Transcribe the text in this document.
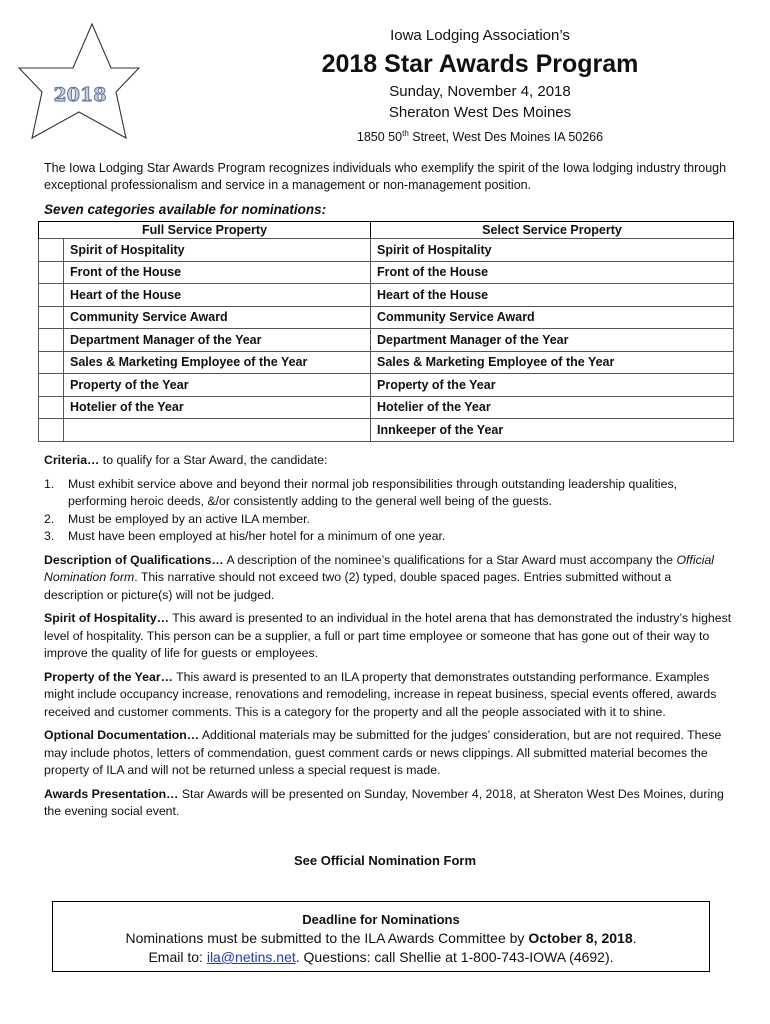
2018
Iowa Lodging Association’s
2018 Star Awards Program
Sunday, November 4, 2018
Sheraton West Des Moines
1850 50th Street, West Des Moines IA 50266
The Iowa Lodging Star Awards Program recognizes individuals who exemplify the spirit of the Iowa lodging industry through exceptional professionalism and service in a management or non-management position.
Seven categories available for nominations:
Full Service Property		Select Service Property
	Spirit of Hospitality	Spirit of Hospitality
	Front of the House	Front of the House
	Heart of the House	Heart of the House
	Community Service Award	Community Service Award
	Department Manager of the Year	Department Manager of the Year
	Sales & Marketing Employee of the Year	Sales & Marketing Employee of the Year
	Property of the Year	Property of the Year
	Hotelier of the Year	Hotelier of the Year
		Innkeeper of the Year

Criteria… to qualify for a Star Award, the candidate:

1. Must exhibit service above and beyond their normal job responsibilities through outstanding leadership qualities, performing heroic deeds, &/or consistently adding to the general well being of the guests.
2. Must be employed by an active ILA member.
3. Must have been employed at his/her hotel for a minimum of one year.

Description of Qualifications… A description of the nominee’s qualifications for a Star Award must accompany the Official Nomination form. This narrative should not exceed two (2) typed, double spaced pages. Entries submitted without a description or picture(s) will not be judged.

Spirit of Hospitality… This award is presented to an individual in the hotel arena that has demonstrated the industry’s highest level of hospitality. This person can be a supplier, a full or part time employee or someone that has gone out of their way to improve the quality of life for guests or employees.

Property of the Year… This award is presented to an ILA property that demonstrates outstanding performance. Examples might include occupancy increase, renovations and remodeling, increase in repeat business, special events offered, awards received and customer comments. This is a category for the property and all the people associated with it to shine.

Optional Documentation… Additional materials may be submitted for the judges’ consideration, but are not required. These may include photos, letters of commendation, guest comment cards or news clippings. All submitted material becomes the property of ILA and will not be returned unless a special request is made.

Awards Presentation… Star Awards will be presented on Sunday, November 4, 2018, at Sheraton West Des Moines, during the evening social event.

See Official Nomination Form
Deadline for Nominations
Nominations must be submitted to the ILA Awards Committee by October 8, 2018.
Email to: ila@netins.net. Questions: call Shellie at 1-800-743-IOWA (4692).
